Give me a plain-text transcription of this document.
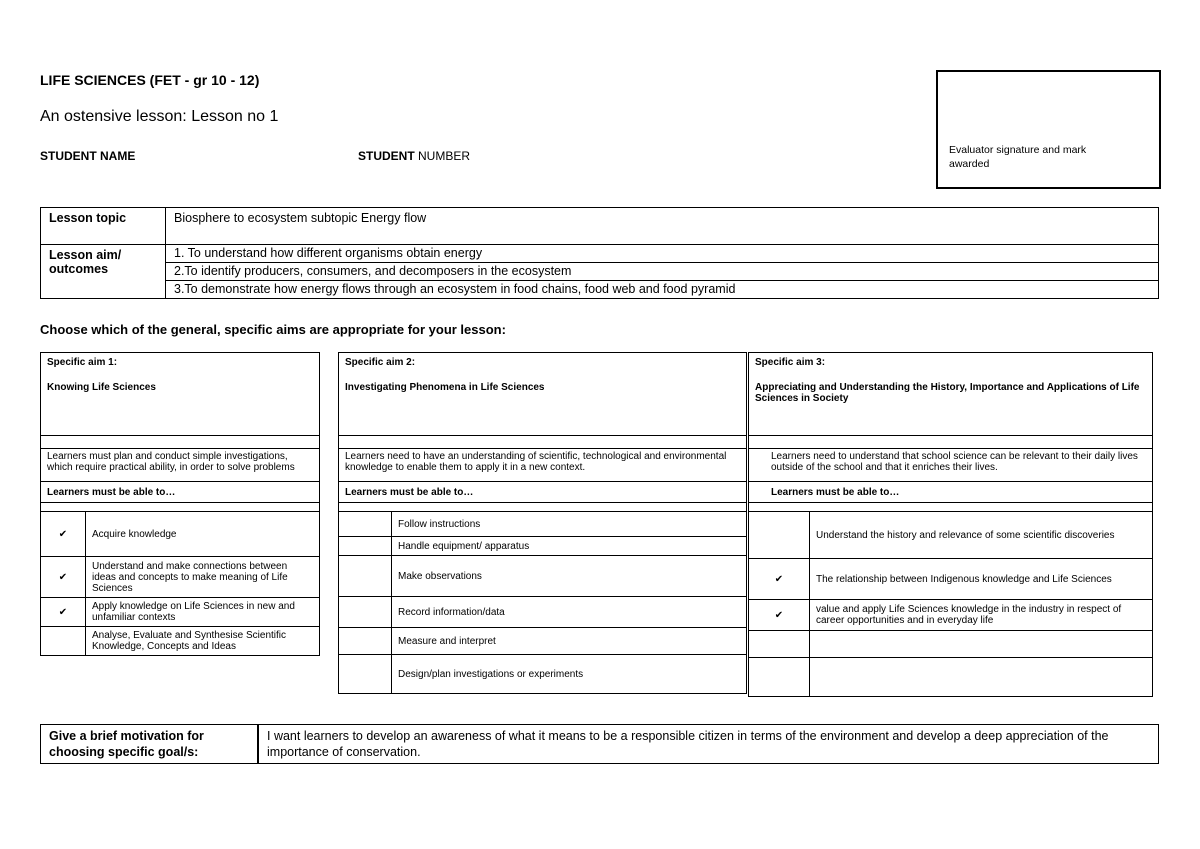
LIFE SCIENCES (FET - gr 10 - 12)
An ostensive lesson: Lesson no 1
STUDENT NAME	STUDENT NUMBER	Evaluator signature and mark awarded
Lesson topic	Biosphere to ecosystem subtopic Energy flow
Lesson aim/ outcomes	1. To understand how different organisms obtain energy
	2.To identify producers, consumers, and decomposers in the ecosystem
	3.To demonstrate how energy flows through an ecosystem in food chains, food web and food pyramid
Choose which of the general, specific aims are appropriate for your lesson:
Specific aim 1:
Knowing Life Sciences	

Learners must plan and conduct simple investigations, which require practical ability, in order to solve problems	
Learners must be able to…	

✔	Acquire knowledge
✔	Understand and make connections between ideas and concepts to make meaning of Life Sciences
✔	Apply knowledge on Life Sciences in new and unfamiliar contexts
	Analyse, Evaluate and Synthesise Scientific Knowledge, Concepts and Ideas
Specific aim 2:
Investigating Phenomena in Life Sciences	

Learners need to have an understanding of scientific, technological and environmental knowledge to enable them to apply it in a new context.	
Learners must be able to…	

	Follow instructions
	Handle equipment/ apparatus
	Make observations
	Record information/data
	Measure and interpret
	Design/plan investigations or experiments
Specific aim 3:
Appreciating and Understanding the History, Importance and Applications of Life Sciences in Society	

Learners need to understand that school science can be relevant to their daily lives outside of the school and that it enriches their lives.	
Learners must be able to…	

	Understand the history and relevance of some scientific discoveries
✔	The relationship between Indigenous knowledge and Life Sciences
✔	value and apply Life Sciences knowledge in the industry in respect of career opportunities and in everyday life

Give a brief motivation for choosing specific goal/s:	I want learners to develop an awareness of what it means to be a responsible citizen in terms of the environment and develop a deep appreciation of the importance of conservation.
